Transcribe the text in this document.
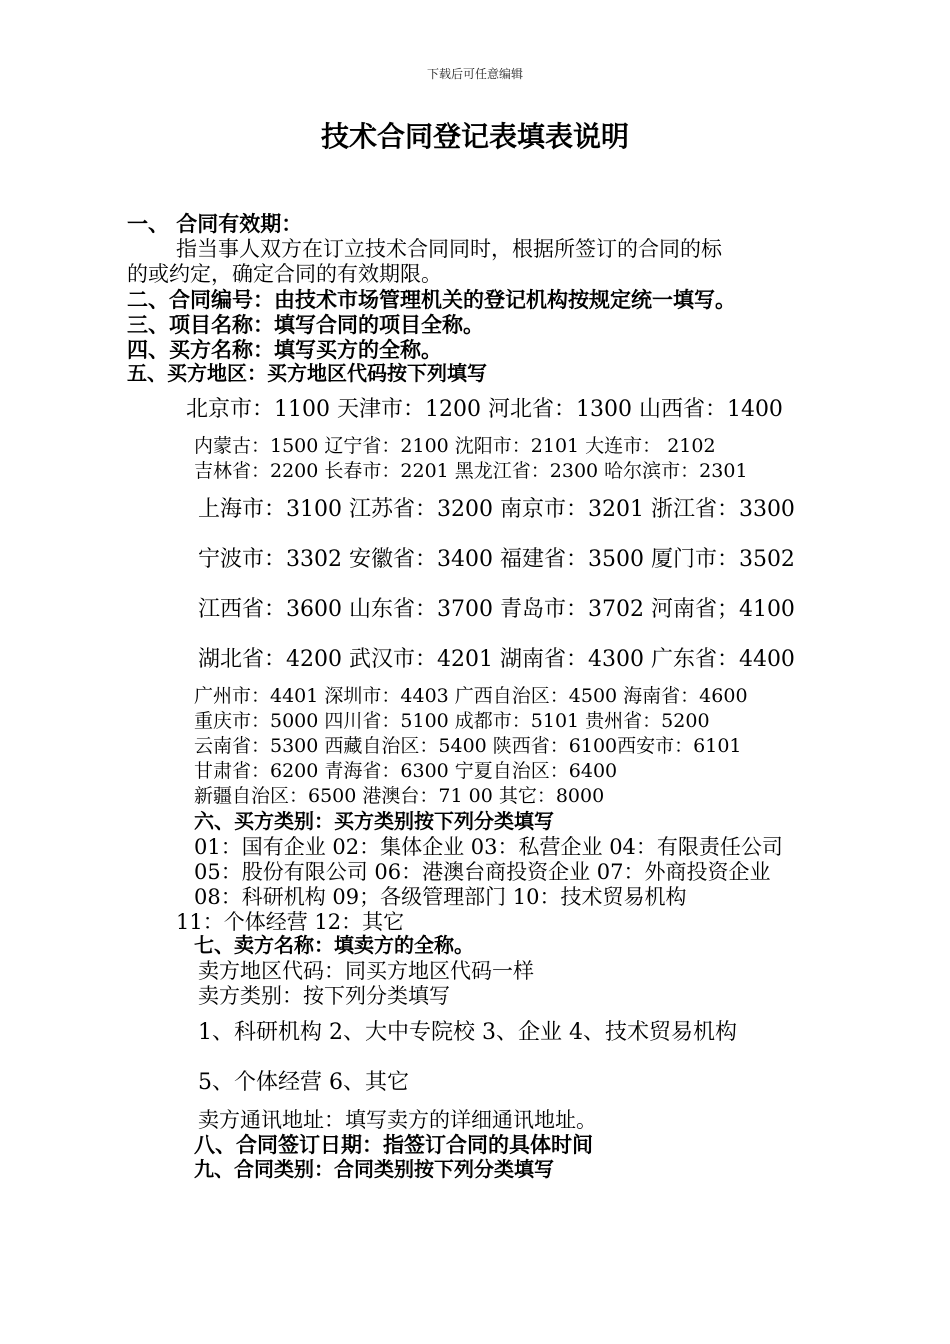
下载后可任意编辑
技术合同登记表填表说明
一、 合同有效期：
指当事人双方在订立技术合同同时，根据所签订的合同的标
的或约定，确定合同的有效期限。
二、合同编号：由技术市场管理机关的登记机构按规定统一填写。
三、项目名称：填写合同的项目全称。
四、买方名称：填写买方的全称。
五、买方地区：买方地区代码按下列填写
北京市：1100 天津市：1200 河北省：1300 山西省：1400
内蒙古：1500 辽宁省：2100 沈阳市：2101 大连市： 2102
吉林省：2200 长春市：2201 黑龙江省：2300 哈尔滨市：2301
上海市：3100 江苏省：3200 南京市：3201 浙江省：3300
宁波市：3302 安徽省：3400 福建省：3500 厦门市：3502
江西省：3600 山东省：3700 青岛市：3702 河南省；4100
湖北省：4200 武汉市：4201 湖南省：4300 广东省：4400
广州市：4401 深圳市：4403 广西自治区：4500 海南省：4600
重庆市：5000 四川省：5100 成都市：5101 贵州省：5200
云南省：5300 西藏自治区：5400 陕西省：6100西安市：6101
甘肃省：6200 青海省：6300 宁夏自治区：6400
新疆自治区：6500 港澳台：71 00 其它：8000
六、买方类别：买方类别按下列分类填写
01：国有企业 02：集体企业 03：私营企业 04：有限责任公司
05：股份有限公司 06：港澳台商投资企业 07：外商投资企业
08：科研机构 09；各级管理部门 10：技术贸易机构
11：个体经营 12：其它
七、卖方名称：填卖方的全称。
卖方地区代码：同买方地区代码一样
卖方类别：按下列分类填写
1、科研机构 2、大中专院校 3、企业 4、技术贸易机构
5、个体经营 6、其它
卖方通讯地址：填写卖方的详细通讯地址。
八、合同签订日期：指签订合同的具体时间
九、合同类别：合同类别按下列分类填写
